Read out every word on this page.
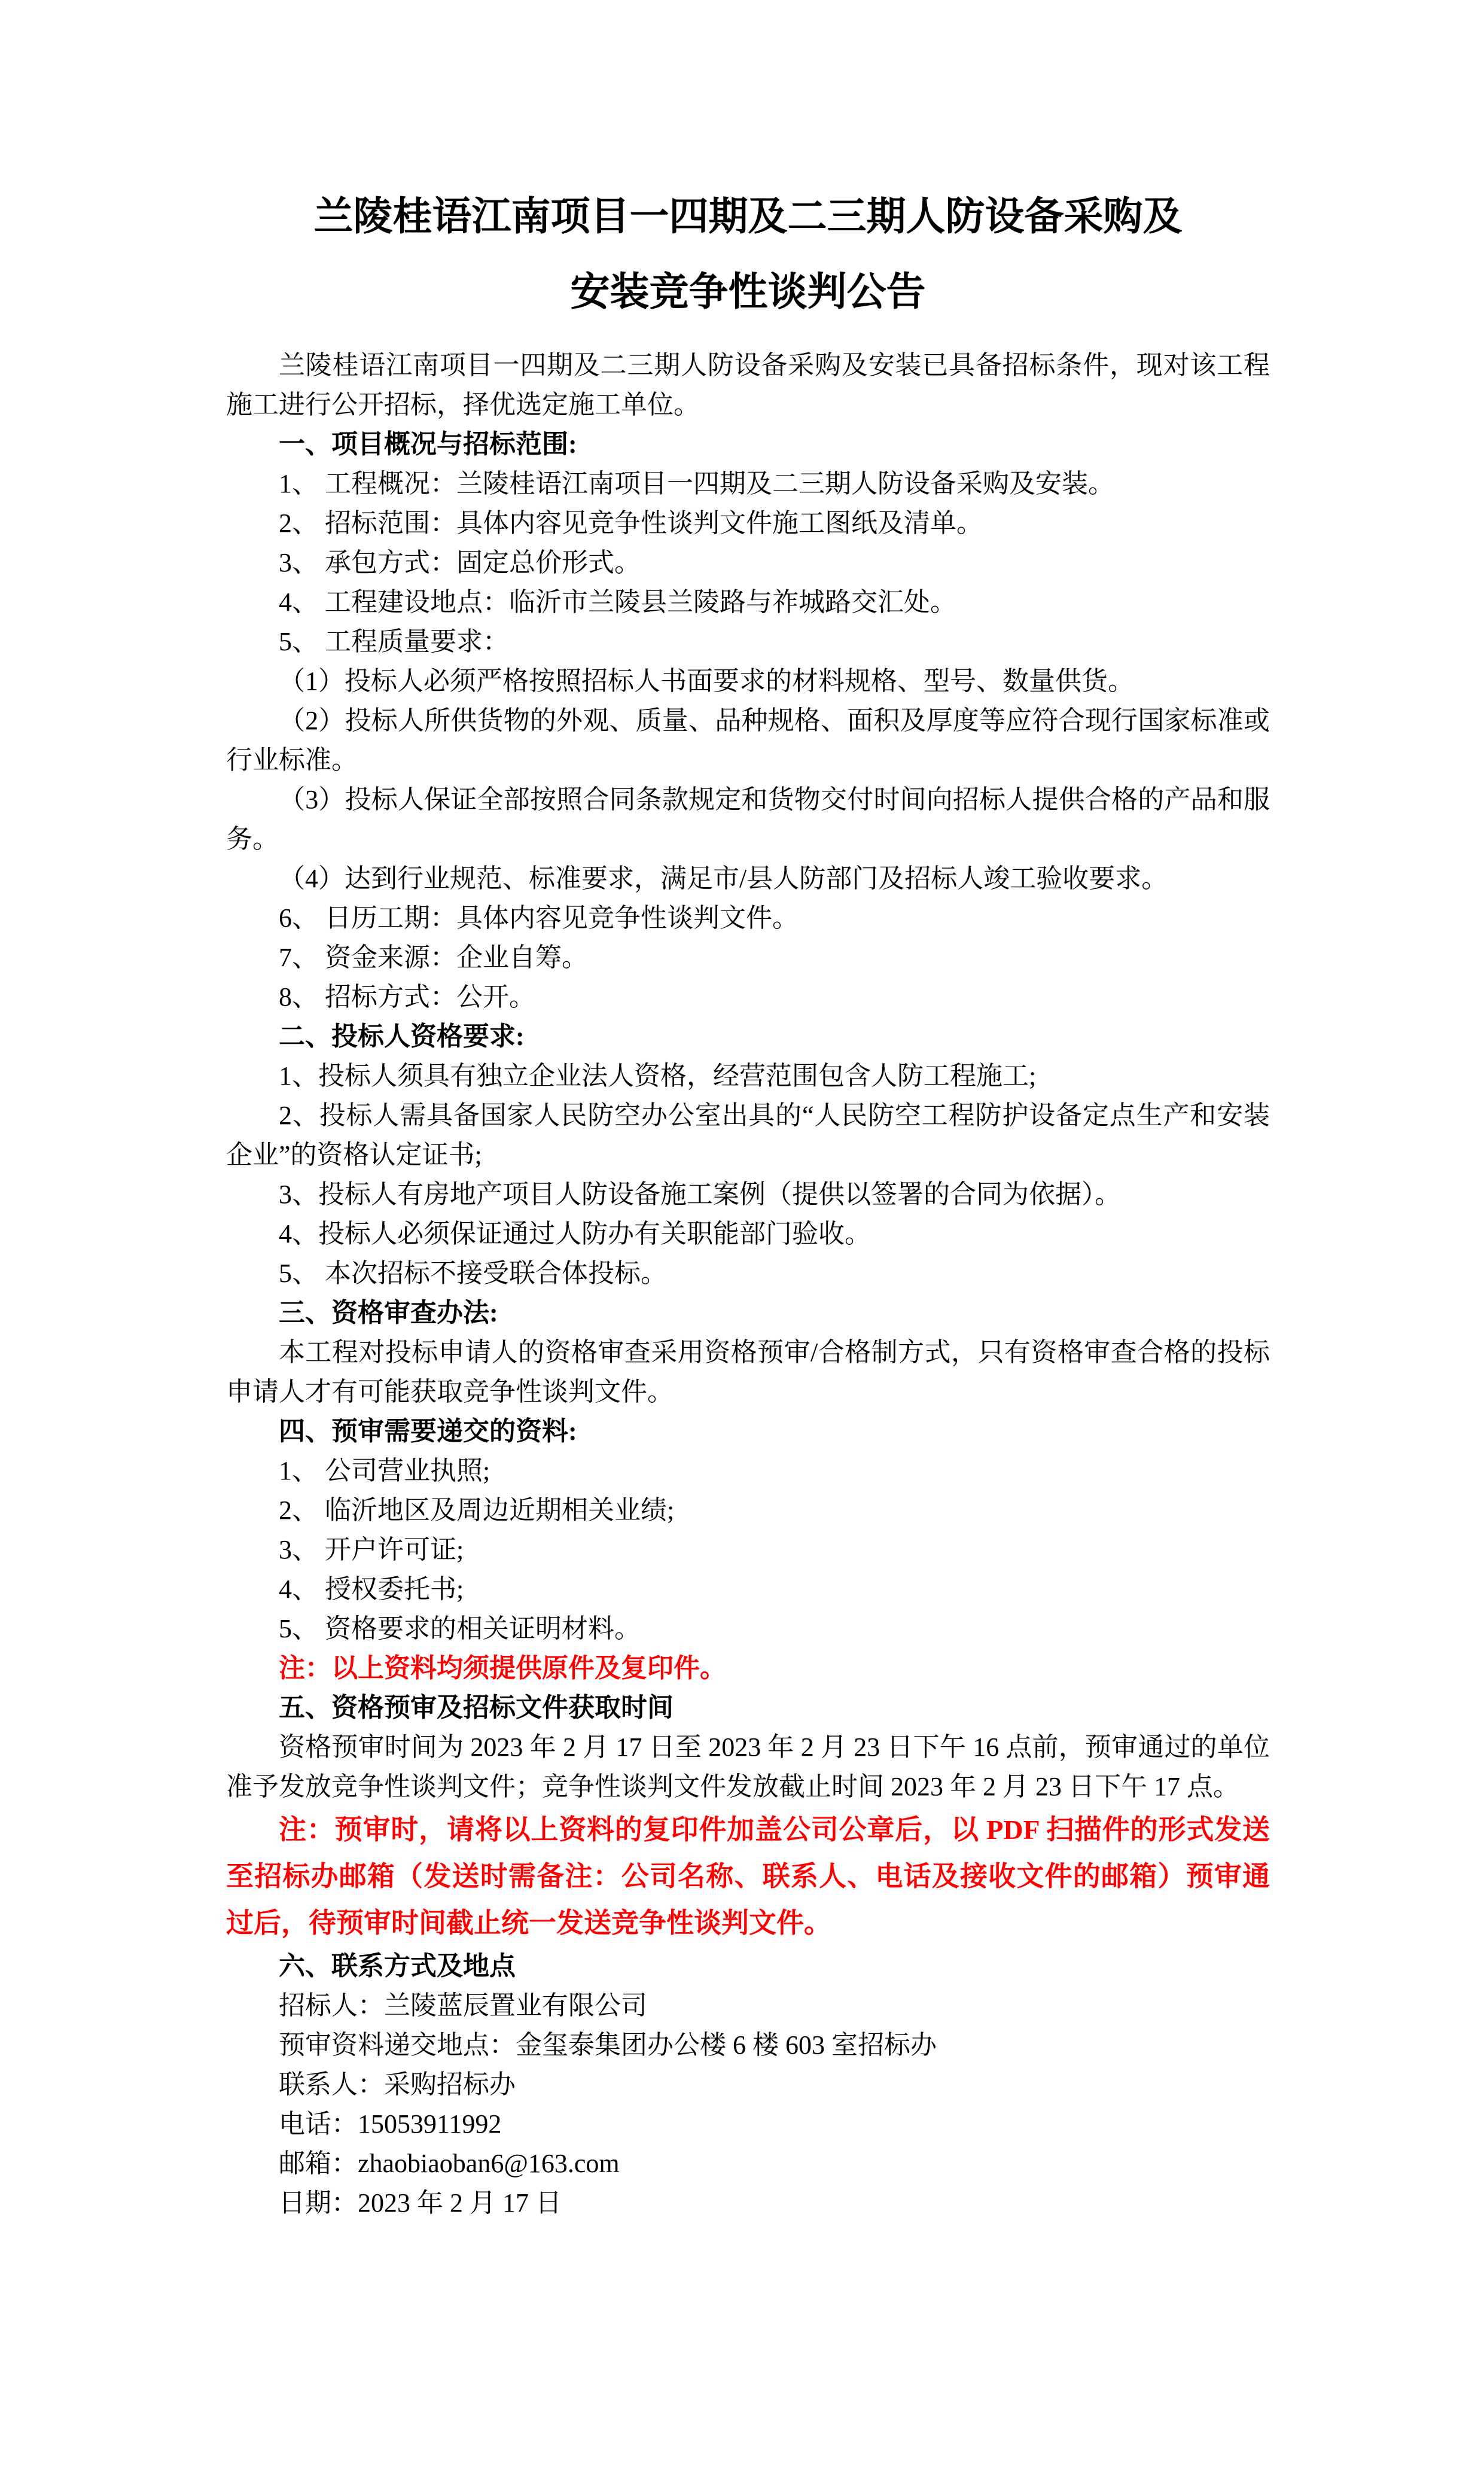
兰陵桂语江南项目一四期及二三期人防设备采购及
安装竞争性谈判公告

兰陵桂语江南项目一四期及二三期人防设备采购及安装已具备招标条件，现对该工程施工进行公开招标，择优选定施工单位。

一、项目概况与招标范围:

1、 工程概况：兰陵桂语江南项目一四期及二三期人防设备采购及安装。

2、 招标范围：具体内容见竞争性谈判文件施工图纸及清单。

3、 承包方式：固定总价形式。

4、 工程建设地点：临沂市兰陵县兰陵路与祚城路交汇处。

5、 工程质量要求：

（1）投标人必须严格按照招标人书面要求的材料规格、型号、数量供货。

（2）投标人所供货物的外观、质量、品种规格、面积及厚度等应符合现行国家标准或行业标准。

（3）投标人保证全部按照合同条款规定和货物交付时间向招标人提供合格的产品和服务。

（4）达到行业规范、标准要求，满足市/县人防部门及招标人竣工验收要求。

6、 日历工期：具体内容见竞争性谈判文件。

7、 资金来源：企业自筹。

8、 招标方式：公开。

二、投标人资格要求:

1、投标人须具有独立企业法人资格，经营范围包含人防工程施工;

2、投标人需具备国家人民防空办公室出具的“人民防空工程防护设备定点生产和安装企业”的资格认定证书;

3、投标人有房地产项目人防设备施工案例（提供以签署的合同为依据）。

4、投标人必须保证通过人防办有关职能部门验收。

5、 本次招标不接受联合体投标。

三、资格审查办法:

本工程对投标申请人的资格审查采用资格预审/合格制方式，只有资格审查合格的投标申请人才有可能获取竞争性谈判文件。

四、预审需要递交的资料:

1、 公司营业执照;

2、 临沂地区及周边近期相关业绩;

3、 开户许可证;

4、 授权委托书;

5、 资格要求的相关证明材料。

注：以上资料均须提供原件及复印件。

五、资格预审及招标文件获取时间

资格预审时间为 2023 年 2 月 17 日至 2023 年 2 月 23 日下午 16 点前，预审通过的单位准予发放竞争性谈判文件；竞争性谈判文件发放截止时间 2023 年 2 月 23 日下午 17 点。

注：预审时，请将以上资料的复印件加盖公司公章后，以 PDF 扫描件的形式发送至招标办邮箱（发送时需备注：公司名称、联系人、电话及接收文件的邮箱）预审通过后，待预审时间截止统一发送竞争性谈判文件。

六、联系方式及地点

招标人：兰陵蓝辰置业有限公司

预审资料递交地点：金玺泰集团办公楼 6 楼 603 室招标办

联系人：采购招标办

电话：15053911992

邮箱：zhaobiaoban6@163.com

日期：2023 年 2 月 17 日
